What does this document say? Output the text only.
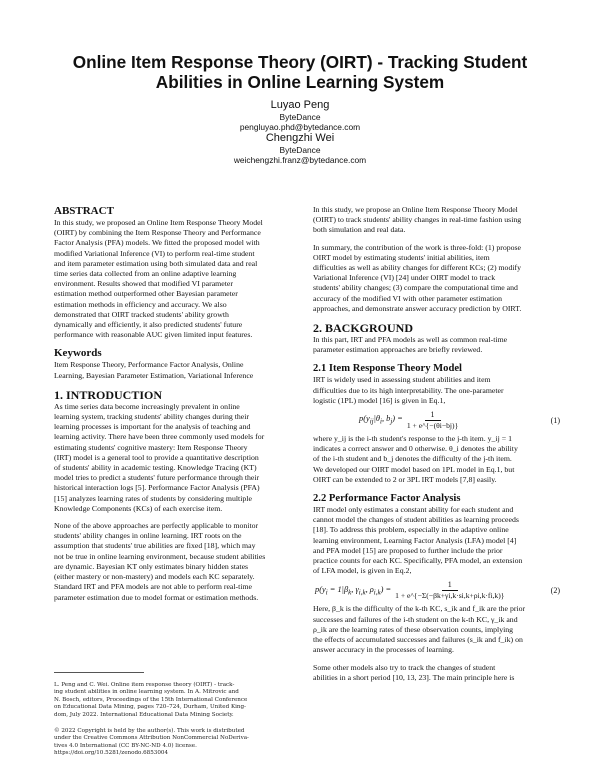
Online Item Response Theory (OIRT) - Tracking Student
Abilities in Online Learning System
Luyao Peng
ByteDance
pengluyao.phd@bytedance.com
Chengzhi Wei
ByteDance
weichengzhi.franz@bytedance.com
ABSTRACT

In this study, we proposed an Online Item Response Theory Model
(OIRT) by combining the Item Response Theory and Performance
Factor Analysis (PFA) models. We fitted the proposed model with
modified Variational Inference (VI) to perform real-time student
and item parameter estimation using both simulated data and real
time series data collected from an online adaptive learning
environment. Results showed that modified VI parameter
estimation method outperformed other Bayesian parameter
estimation methods in efficiency and accuracy. We also
demonstrated that OIRT tracked students' ability growth
dynamically and efficiently, it also predicted students' future
performance with reasonable AUC given limited input features.

Keywords

Item Response Theory, Performance Factor Analysis, Online
Learning, Bayesian Parameter Estimation, Variational Inference

1. INTRODUCTION

As time series data become increasingly prevalent in online
learning system, tracking students' ability changes during their
learning processes is important for the analysis of teaching and
learning activity. There have been three commonly used models for
estimating students' cognitive mastery: Item Response Theory
(IRT) model is a general tool to provide a quantitative description
of students' ability in academic testing. Knowledge Tracing (KT)
model tries to predict a students' future performance through their
historical interaction logs [5]. Performance Factor Analysis (PFA)
[15] analyzes learning rates of students by considering multiple
Knowledge Components (KCs) of each exercise item.

None of the above approaches are perfectly applicable to monitor
students' ability changes in online learning. IRT roots on the
assumption that students' true abilities are fixed [18], which may
not be true in online learning environment, because student abilities
are dynamic. Bayesian KT only estimates binary hidden states
(either mastery or non-mastery) and models each KC separately.
Standard IRT and PFA models are not able to perform real-time
parameter estimation due to model format or estimation methods.

L. Peng and C. Wei. Online item response theory (OIRT) - track-
ing student abilities in online learning system. In A. Mitrovic and
N. Bosch, editors, Proceedings of the 15th International Conference
on Educational Data Mining, pages 720–724, Durham, United King-
dom, July 2022. International Educational Data Mining Society.
© 2022 Copyright is held by the author(s). This work is distributed
under the Creative Commons Attribution NonCommercial NoDeriva-
tives 4.0 International (CC BY-NC-ND 4.0) license.
https://doi.org/10.5281/zenodo.6853004

In this study, we propose an Online Item Response Theory Model
(OIRT) to track students' ability changes in real-time fashion using
both simulation and real data.

In summary, the contribution of the work is three-fold: (1) propose
OIRT model by estimating students' initial abilities, item
difficulties as well as ability changes for different KCs; (2) modify
Variational Inference (VI) [24] under OIRT model to track
students' ability changes; (3) compare the computational time and
accuracy of the modified VI with other parameter estimation
approaches, and demonstrate answer accuracy prediction by OIRT.

2. BACKGROUND

In this part, IRT and PFA models as well as common real-time
parameter estimation approaches are briefly reviewed.

2.1 Item Response Theory Model

IRT is widely used in assessing student abilities and item
difficulties due to its high interpretability. The one-parameter
logistic (1PL) model [16] is given in Eq.1,

$p(y_{ij}|\theta_i$, $b_j) = \frac{1}{1 + e\^{}\{-(\theta i-bj)\}}$	(1)

where y_ij is the i-th student's response to the j-th item. y_ij = 1
indicates a correct answer and 0 otherwise. θ_i denotes the ability
of the i-th student and b_j denotes the difficulty of the j-th item.
We developed our OIRT model based on 1PL model in Eq.1, but
OIRT can be extended to 2 or 3PL IRT models [7,8] easily.

2.2 Performance Factor Analysis

IRT model only estimates a constant ability for each student and
cannot model the changes of student abilities as learning proceeds
[18]. To address this problem, especially in the adaptive online
learning environment, Learning Factor Analysis (LFA) model [4]
and PFA model [15] are proposed to further include the prior
practice counts for each KC. Specifically, PFA model, an extension
of LFA model, is given in Eq.2,

$p(y_i = 1|\beta_k$, $\gamma_{i,k}$, $\rho_{i,k}) = \frac{1}{1 + e\^{}\{-\Sigma(-\beta k+\gamma i,k\cdot si,k+\rho i,k\cdot fi,k)\}}$	(2)

Here, β_k is the difficulty of the k-th KC, s_ik and f_ik are the prior
successes and failures of the i-th student on the k-th KC, γ_ik and
ρ_ik are the learning rates of these observation counts, implying
the effects of accumulated successes and failures (s_ik and f_ik) on
answer accuracy in the processes of learning.

Some other models also try to track the changes of student
abilities in a short period [10, 13, 23]. The main principle here is
